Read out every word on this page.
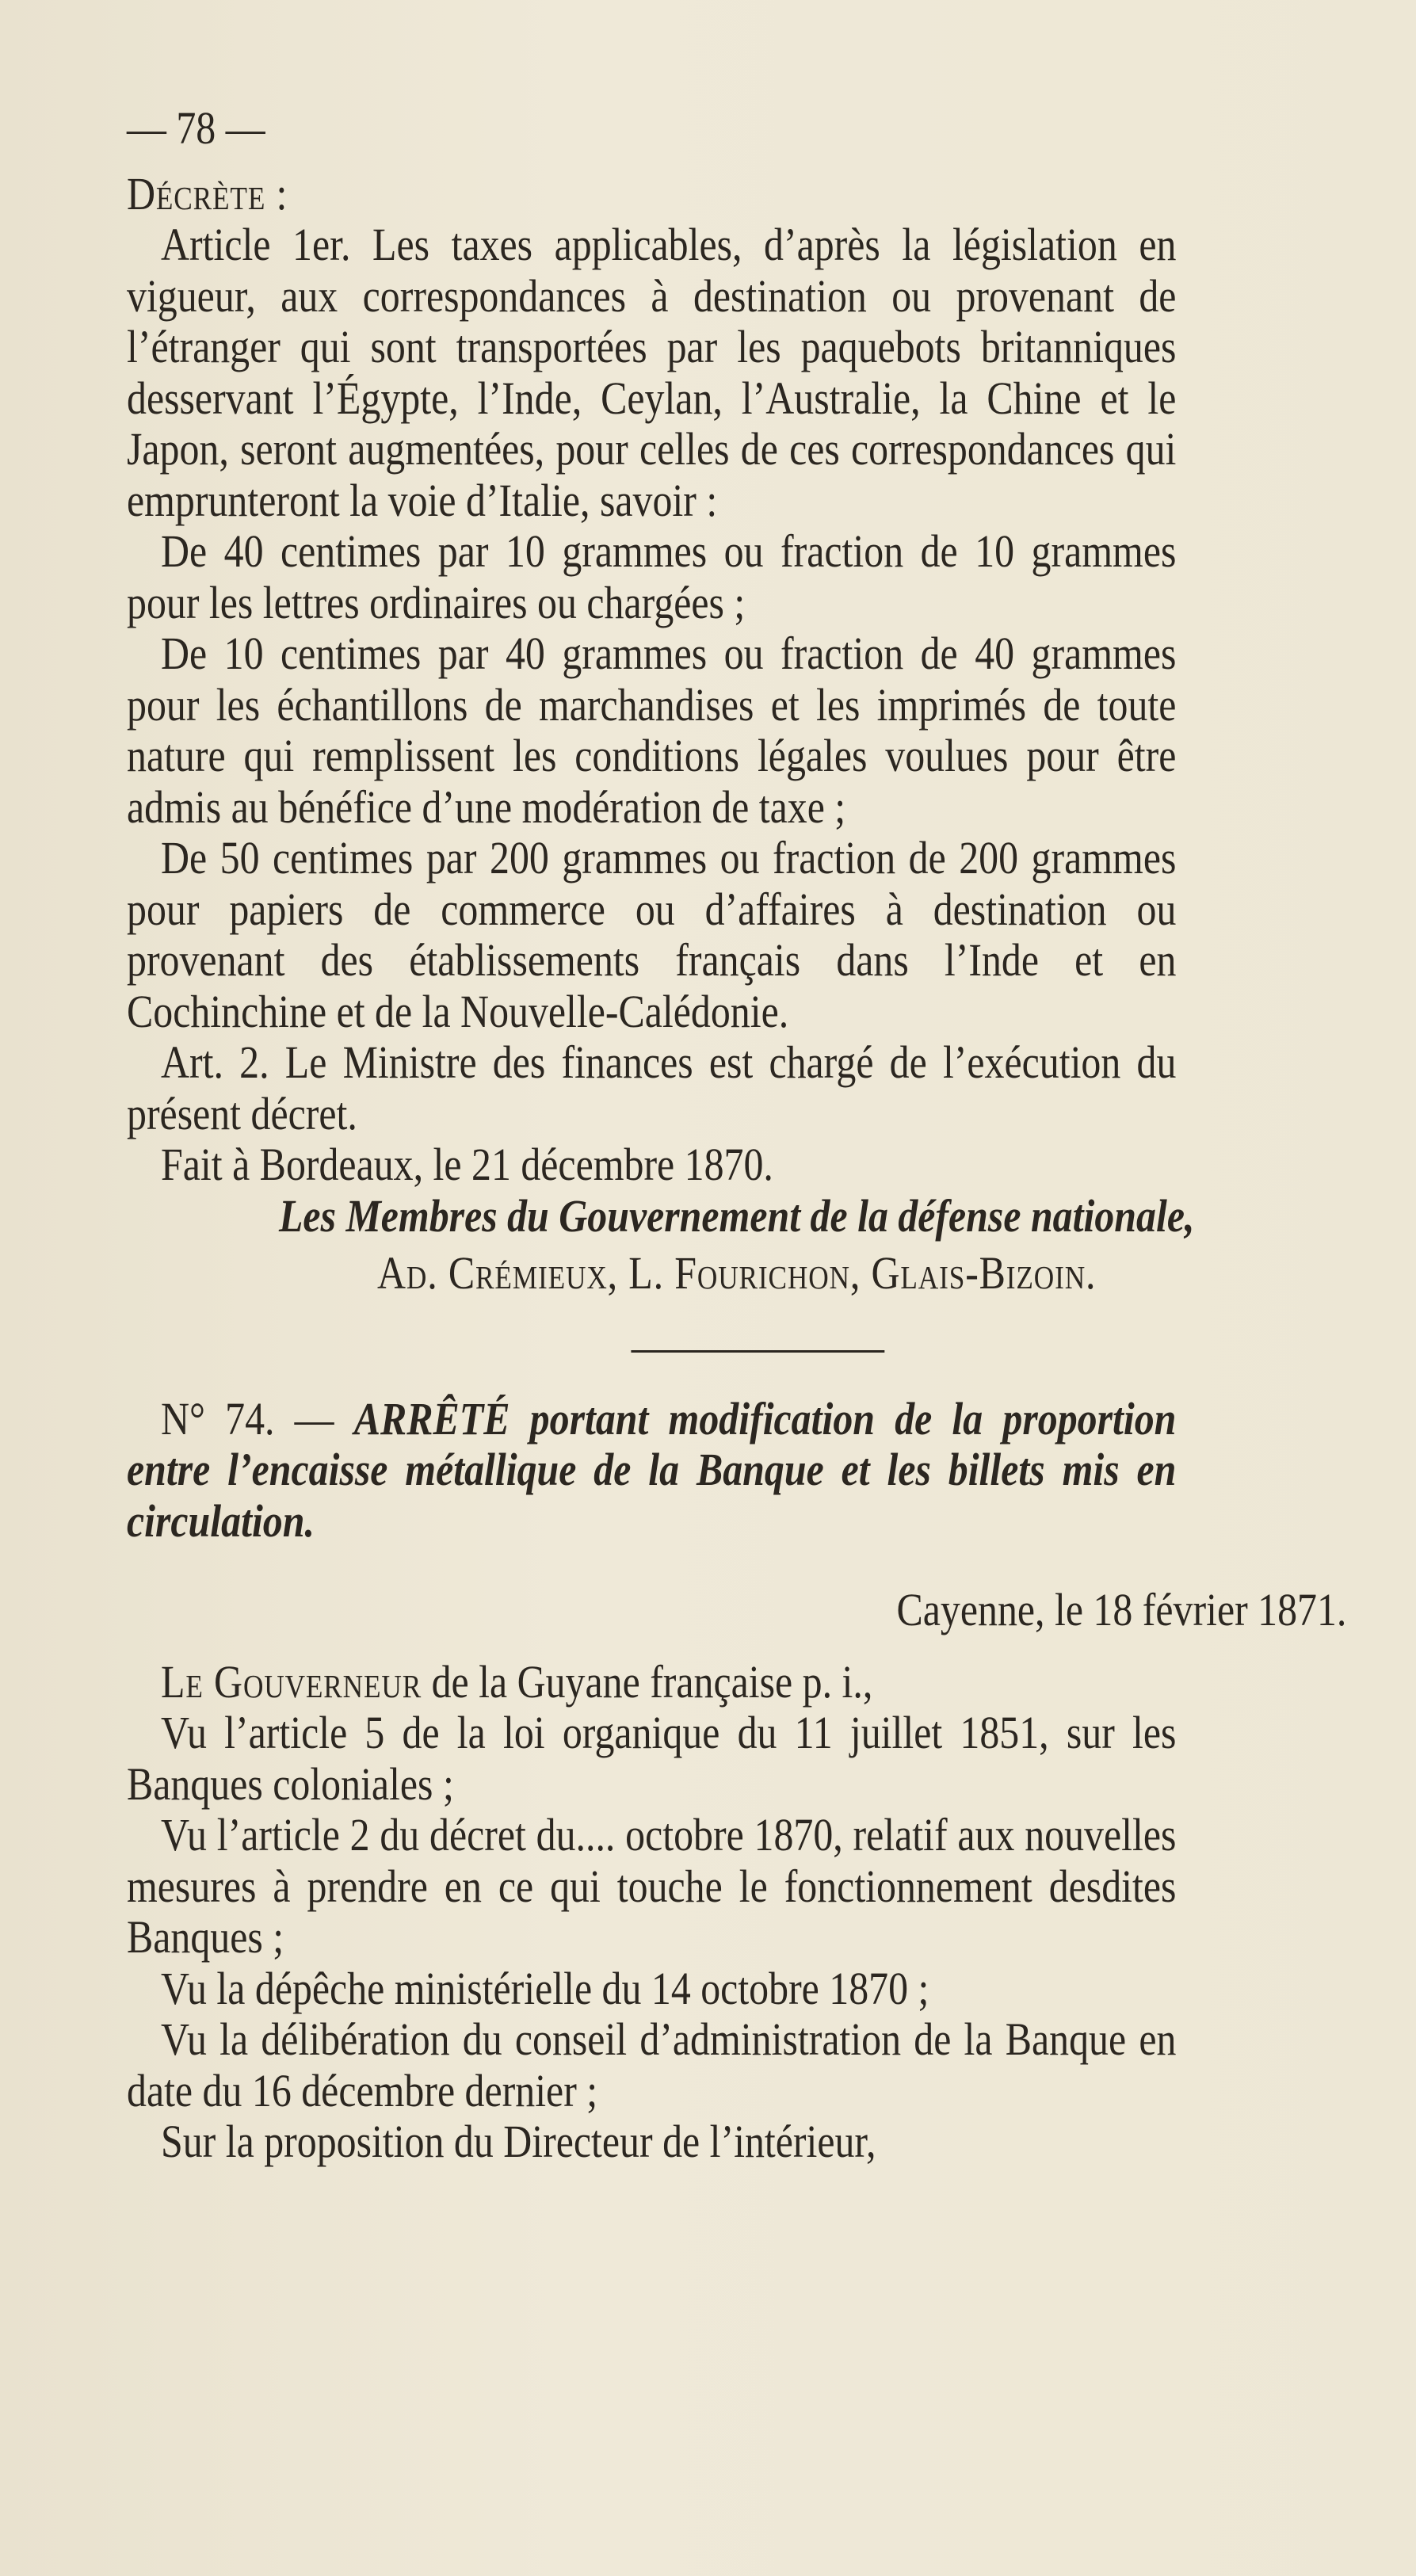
— 78 —

Décrète :

Article 1er. Les taxes applicables, d’après la législation en vigueur, aux correspondances à destination ou provenant de l’étranger qui sont transportées par les paquebots britanniques desservant l’Égypte, l’Inde, Ceylan, l’Australie, la Chine et le Japon, seront augmentées, pour celles de ces correspondances qui emprunteront la voie d’Italie, savoir :

De 40 centimes par 10 grammes ou fraction de 10 grammes pour les lettres ordinaires ou chargées ;

De 10 centimes par 40 grammes ou fraction de 40 grammes pour les échantillons de marchandises et les imprimés de toute nature qui remplissent les conditions légales voulues pour être admis au bénéfice d’une modération de taxe ;

De 50 centimes par 200 grammes ou fraction de 200 grammes pour papiers de commerce ou d’affaires à destination ou provenant des établissements français dans l’Inde et en Cochinchine et de la Nouvelle-Calédonie.

Art. 2. Le Ministre des finances est chargé de l’exécution du présent décret.

Fait à Bordeaux, le 21 décembre 1870.

Les Membres du Gouvernement de la défense nationale,

Ad. Crémieux, L. Fourichon, Glais-Bizoin.

N° 74. — ARRÊTÉ portant modification de la proportion entre l’encaisse métallique de la Banque et les billets mis en circulation.

Cayenne, le 18 février 1871.

Le Gouverneur de la Guyane française p. i.,

Vu l’article 5 de la loi organique du 11 juillet 1851, sur les Banques coloniales ;

Vu l’article 2 du décret du.... octobre 1870, relatif aux nouvelles mesures à prendre en ce qui touche le fonctionnement desdites Banques ;

Vu la dépêche ministérielle du 14 octobre 1870 ;

Vu la délibération du conseil d’administration de la Banque en date du 16 décembre dernier ;

Sur la proposition du Directeur de l’intérieur,
